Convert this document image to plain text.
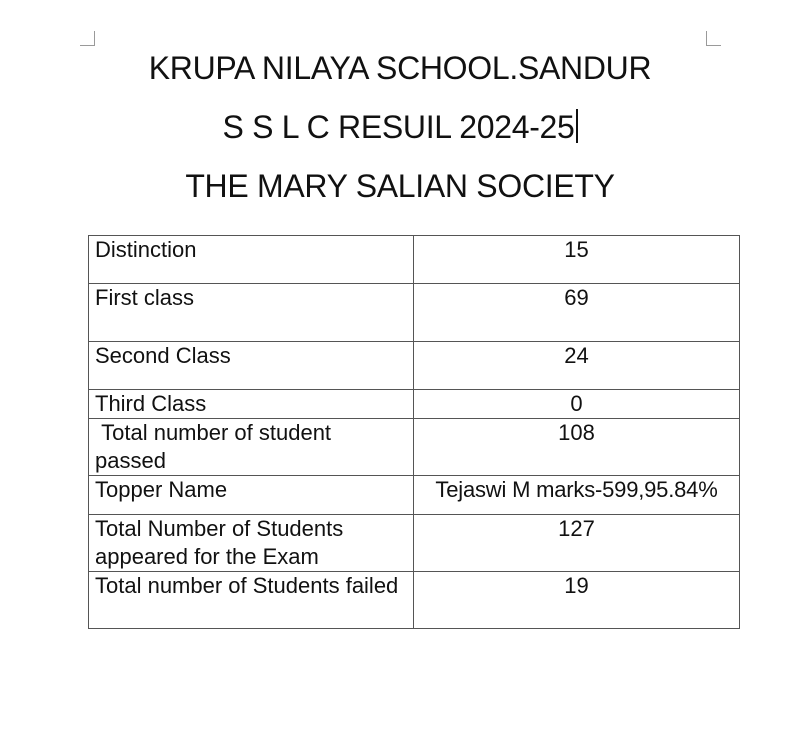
KRUPA NILAYA SCHOOL.SANDUR
S S L C RESUIL 2024-25
THE MARY SALIAN SOCIETY
Distinction	15
First class	69
Second Class	24
Third Class	0
Total number of student passed	108
Topper Name	Tejaswi M marks-599,95.84%
Total Number of Students appeared for the Exam	127
Total number of Students failed	19
